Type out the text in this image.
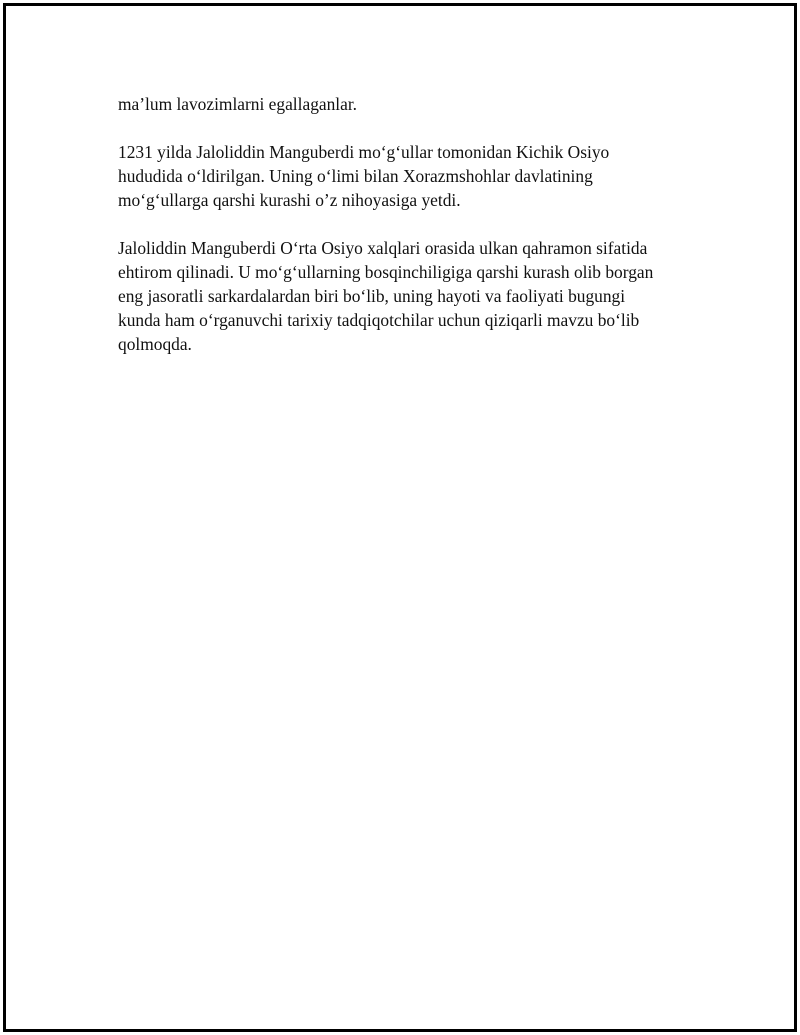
ma’lum lavozimlarni egallaganlar.

1231 yilda Jaloliddin Manguberdi mo‘g‘ullar tomonidan Kichik Osiyo
hududida o‘ldirilgan. Uning o‘limi bilan Xorazmshohlar davlatining
mo‘g‘ullarga qarshi kurashi o’z nihoyasiga yetdi.

Jaloliddin Manguberdi O‘rta Osiyo xalqlari orasida ulkan qahramon sifatida
ehtirom qilinadi. U mo‘g‘ullarning bosqinchiligiga qarshi kurash olib borgan
eng jasoratli sarkardalardan biri bo‘lib, uning hayoti va faoliyati bugungi
kunda ham o‘rganuvchi tarixiy tadqiqotchilar uchun qiziqarli mavzu bo‘lib
qolmoqda.
